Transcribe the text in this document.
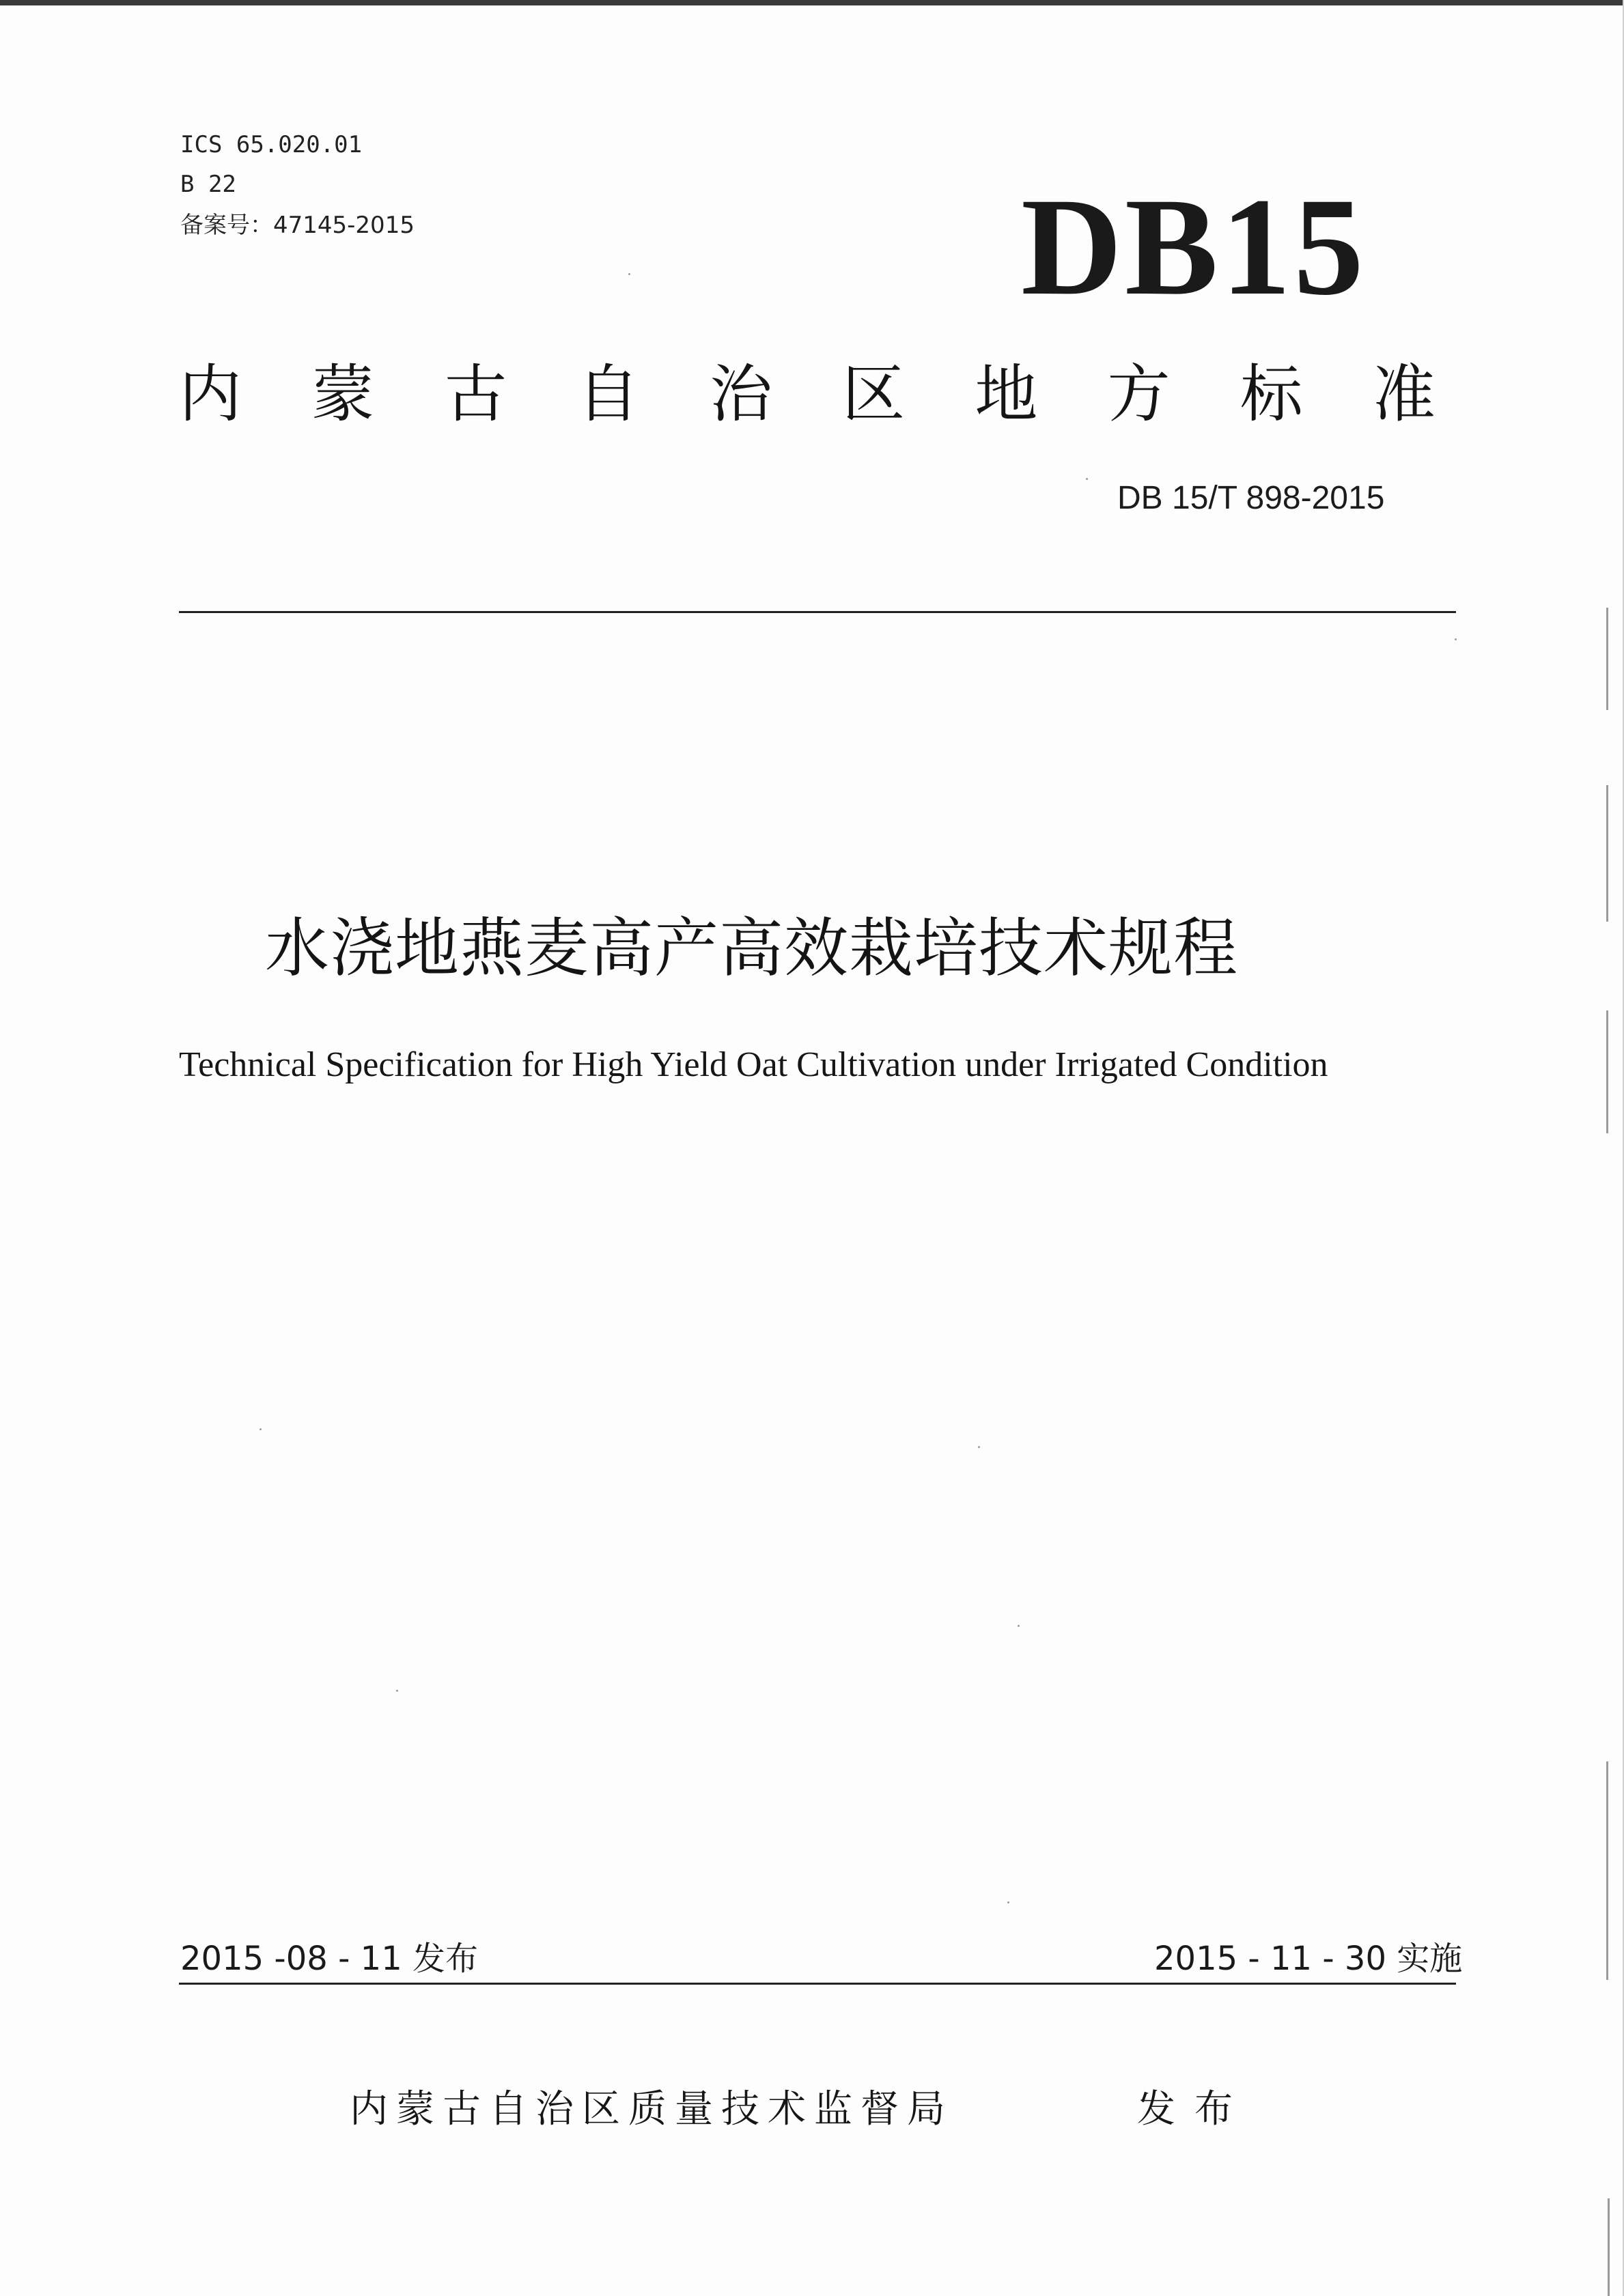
ICS 65.020.01
B 22
备案号：47145-2015	DB15
内 蒙 古 自 治 区 地 方 标 准
DB 15/T 898-2015
水浇地燕麦高产高效栽培技术规程
Technical Specification for High Yield Oat Cultivation under Irrigated Condition
2015 -08 - 11 发布	2015 - 11 - 30 实施
内蒙古自治区质量技术监督局	发布
